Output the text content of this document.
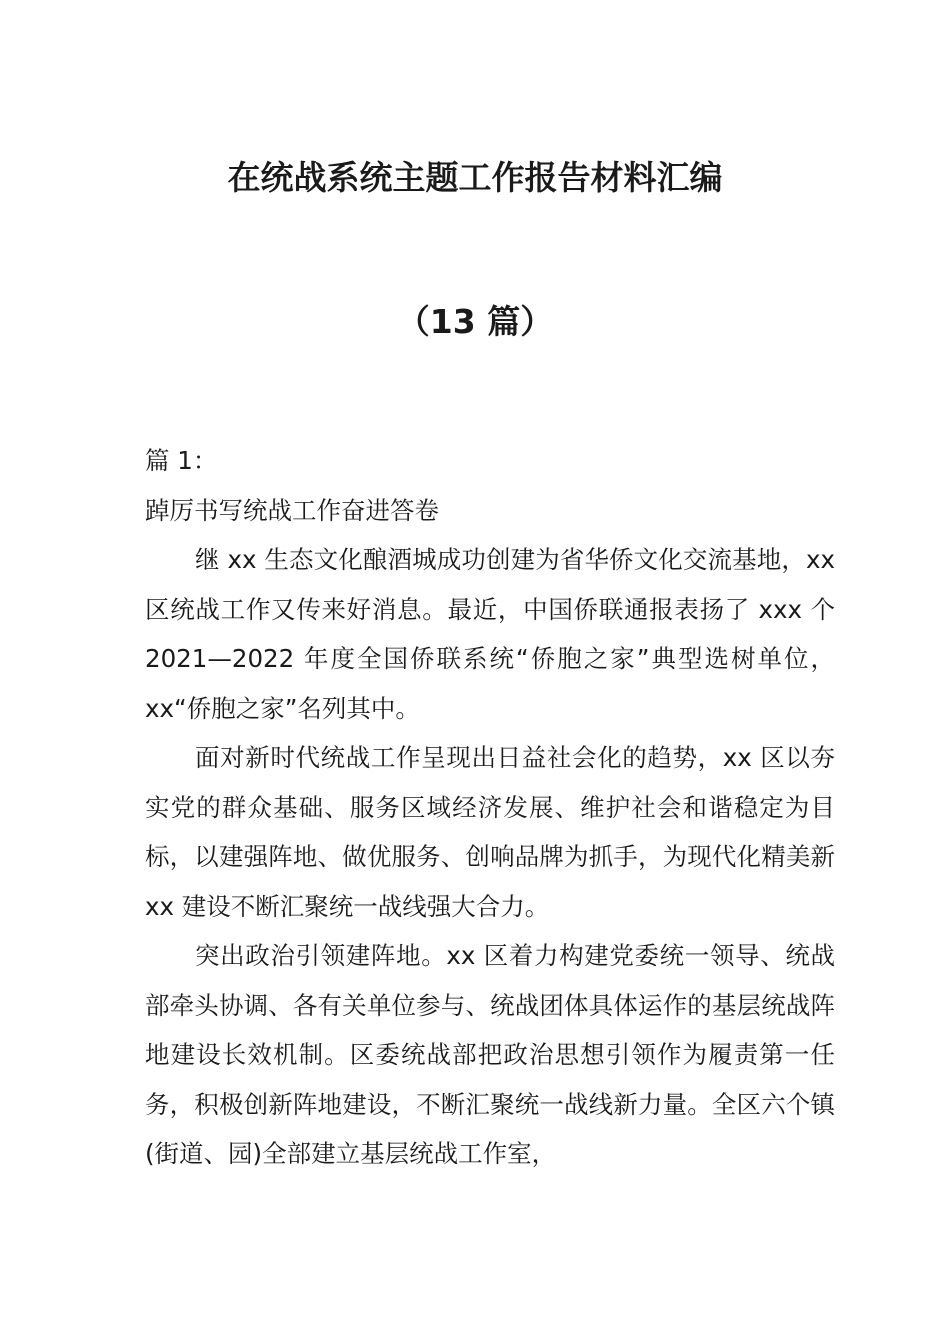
在统战系统主题工作报告材料汇编
（13 篇）

篇 1：

踔厉书写统战工作奋进答卷

继 xx 生态文化酿酒城成功创建为省华侨文化交流基地，xx 区统战工作又传来好消息。最近，中国侨联通报表扬了 xxx 个 2021—2022 年度全国侨联系统“侨胞之家”典型选树单位，xx“侨胞之家”名列其中。

面对新时代统战工作呈现出日益社会化的趋势，xx 区以夯实党的群众基础、服务区域经济发展、维护社会和谐稳定为目标，以建强阵地、做优服务、创响品牌为抓手，为现代化精美新 xx 建设不断汇聚统一战线强大合力。

突出政治引领建阵地。xx 区着力构建党委统一领导、统战部牵头协调、各有关单位参与、统战团体具体运作的基层统战阵地建设长效机制。区委统战部把政治思想引领作为履责第一任务，积极创新阵地建设，不断汇聚统一战线新力量。全区六个镇(街道、园)全部建立基层统战工作室，
